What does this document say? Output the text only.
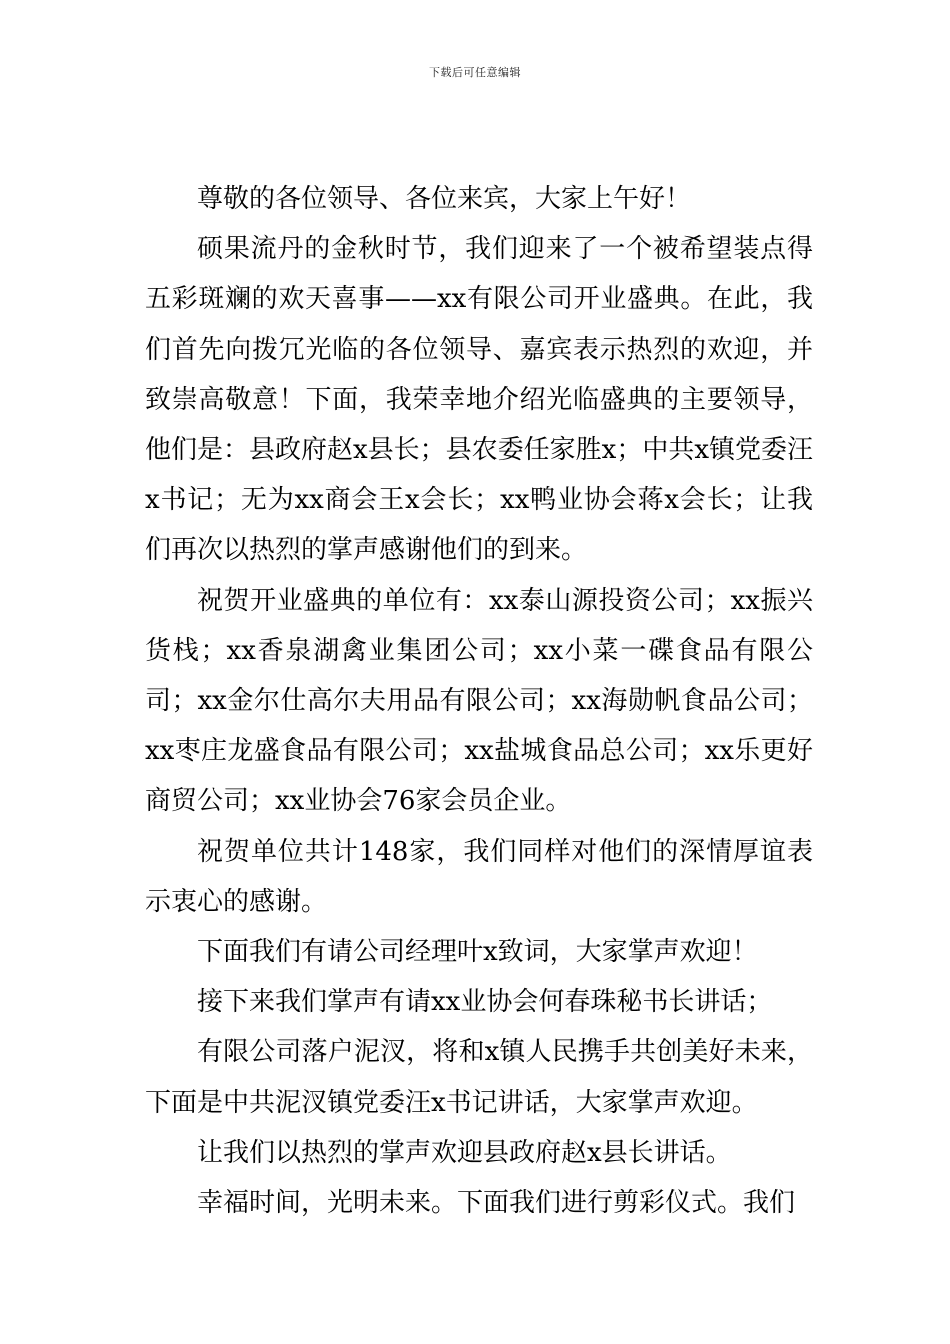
下载后可任意编辑

尊敬的各位领导、各位来宾，大家上午好！

硕果流丹的金秋时节，我们迎来了一个被希望装点得五彩斑斓的欢天喜事——xx有限公司开业盛典。在此，我们首先向拨冗光临的各位领导、嘉宾表示热烈的欢迎，并致崇高敬意！下面，我荣幸地介绍光临盛典的主要领导，他们是：县政府赵x县长；县农委任家胜x；中共x镇党委汪x书记；无为xx商会王x会长；xx鸭业协会蒋x会长；让我们再次以热烈的掌声感谢他们的到来。

祝贺开业盛典的单位有：xx泰山源投资公司；xx振兴货栈；xx香泉湖禽业集团公司；xx小菜一碟食品有限公司；xx金尔仕高尔夫用品有限公司；xx海勋帆食品公司；xx枣庄龙盛食品有限公司；xx盐城食品总公司；xx乐更好商贸公司；xx业协会76家会员企业。

祝贺单位共计148家，我们同样对他们的深情厚谊表示衷心的感谢。

下面我们有请公司经理叶x致词，大家掌声欢迎！

接下来我们掌声有请xx业协会何春珠秘书长讲话；

有限公司落户泥汊，将和x镇人民携手共创美好未来，下面是中共泥汊镇党委汪x书记讲话，大家掌声欢迎。

让我们以热烈的掌声欢迎县政府赵x县长讲话。

幸福时间，光明未来。下面我们进行剪彩仪式。我们
